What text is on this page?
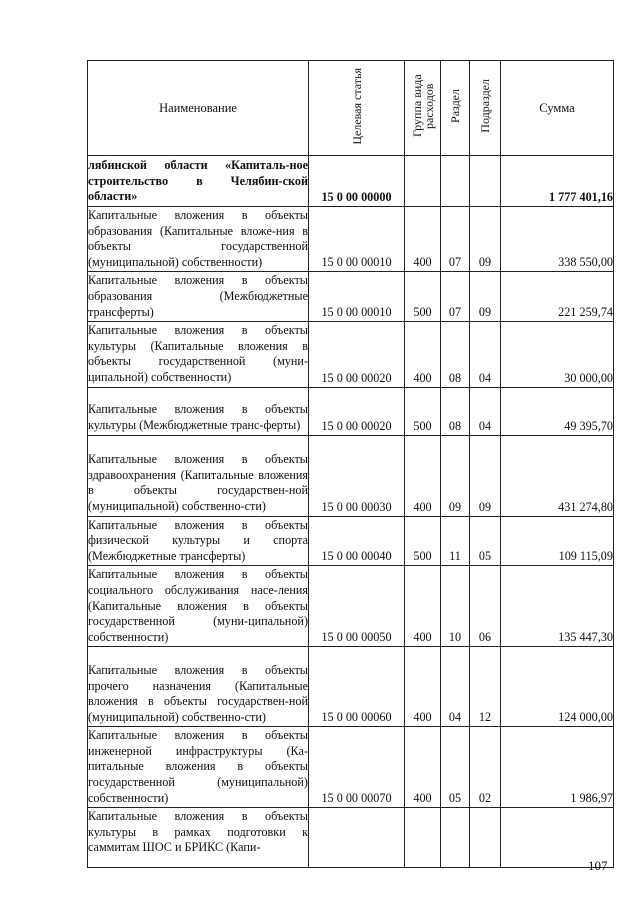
Наименование	Целевая статья	Группа вида расходов	Раздел	Подраздел	Сумма
лябинской области «Капиталь-ное строительство в Челябин-ской области»	15 0 00 00000				1 777 401,16
Капитальные вложения в объекты образования (Капитальные вложе-ния в объекты государственной (муниципальной) собственности)	15 0 00 00010	400	07	09	338 550,00
Капитальные вложения в объекты образования (Межбюджетные трансферты)	15 0 00 00010	500	07	09	221 259,74
Капитальные вложения в объекты культуры (Капитальные вложения в объекты государственной (муни-ципальной) собственности)	15 0 00 00020	400	08	04	30 000,00
Капитальные вложения в объекты культуры (Межбюджетные транс-ферты)	15 0 00 00020	500	08	04	49 395,70
Капитальные вложения в объекты здравоохранения (Капитальные вложения в объекты государствен-ной (муниципальной) собственно-сти)	15 0 00 00030	400	09	09	431 274,80
Капитальные вложения в объекты физической культуры и спорта (Межбюджетные трансферты)	15 0 00 00040	500	11	05	109 115,09
Капитальные вложения в объекты социального обслуживания насе-ления (Капитальные вложения в объекты государственной (муни-ципальной) собственности)	15 0 00 00050	400	10	06	135 447,30
Капитальные вложения в объекты прочего назначения (Капитальные вложения в объекты государствен-ной (муниципальной) собственно-сти)	15 0 00 00060	400	04	12	124 000,00
Капитальные вложения в объекты инженерной инфраструктуры (Ка-питальные вложения в объекты государственной (муниципальной) собственности)	15 0 00 00070	400	05	02	1 986,97
Капитальные вложения в объекты культуры в рамках подготовки к саммитам ШОС и БРИКС (Капи-					
107
